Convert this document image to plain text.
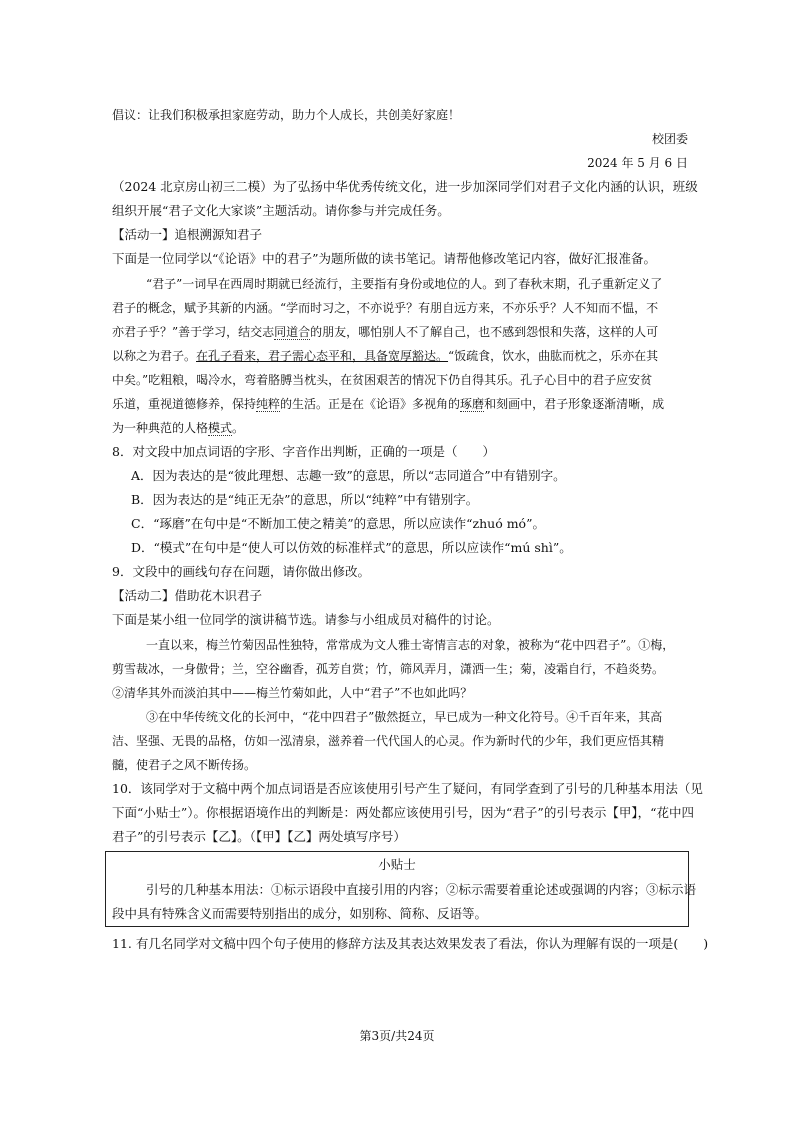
倡议：让我们积极承担家庭劳动，助力个人成长，共创美好家庭！
校团委
2024 年 5 月 6 日
（2024 北京房山初三二模）为了弘扬中华优秀传统文化，进一步加深同学们对君子文化内涵的认识，班级
组织开展“君子文化大家谈”主题活动。请你参与并完成任务。
【活动一】追根溯源知君子
下面是一位同学以“《论语》中的君子”为题所做的读书笔记。请帮他修改笔记内容，做好汇报准备。
“君子”一词早在西周时期就已经流行，主要指有身份或地位的人。到了春秋末期，孔子重新定义了
君子的概念，赋予其新的内涵。“学而时习之，不亦说乎？有朋自远方来，不亦乐乎？人不知而不愠，不
亦君子乎？”善于学习，结交志同道合的朋友，哪怕别人不了解自己，也不感到怨恨和失落，这样的人可
以称之为君子。在孔子看来，君子需心态平和，具备宽厚豁达。“饭疏食，饮水，曲肱而枕之，乐亦在其
中矣。”吃粗粮，喝冷水，弯着胳膊当枕头，在贫困艰苦的情况下仍自得其乐。孔子心目中的君子应安贫
乐道，重视道德修养，保持纯粹的生活。正是在《论语》多视角的琢磨和刻画中，君子形象逐渐清晰，成
为一种典范的人格模式。
8．对文段中加点词语的字形、字音作出判断，正确的一项是（　　）
A．因为表达的是“彼此理想、志趣一致”的意思，所以“志同道合”中有错别字。
B．因为表达的是“纯正无杂”的意思，所以“纯粹”中有错别字。
C．“琢磨”在句中是“不断加工使之精美”的意思，所以应读作“zhuó mó”。
D．“模式”在句中是“使人可以仿效的标准样式”的意思，所以应读作“mú shì”。
9．文段中的画线句存在问题，请你做出修改。
【活动二】借助花木识君子
下面是某小组一位同学的演讲稿节选。请参与小组成员对稿件的讨论。
一直以来，梅兰竹菊因品性独特，常常成为文人雅士寄情言志的对象，被称为“花中四君子”。①梅，
剪雪裁冰，一身傲骨；兰，空谷幽香，孤芳自赏；竹，筛风弄月，潇洒一生；菊，凌霜自行，不趋炎势。
②清华其外而淡泊其中——梅兰竹菊如此，人中“君子”不也如此吗？
③在中华传统文化的长河中，“花中四君子”傲然挺立，早已成为一种文化符号。④千百年来，其高
洁、坚强、无畏的品格，仿如一泓清泉，滋养着一代代国人的心灵。作为新时代的少年，我们更应悟其精
髓，使君子之风不断传扬。
10．该同学对于文稿中两个加点词语是否应该使用引号产生了疑问，有同学查到了引号的几种基本用法（见
下面“小贴士”）。你根据语境作出的判断是：两处都应该使用引号，因为“君子”的引号表示【甲】，“花中四
君子”的引号表示【乙】。（【甲】【乙】两处填写序号）
小贴士
引号的几种基本用法：①标示语段中直接引用的内容；②标示需要着重论述或强调的内容；③标示语
段中具有特殊含义而需要特别指出的成分，如别称、简称、反语等。
11. 有几名同学对文稿中四个句子使用的修辞方法及其表达效果发表了看法，你认为理解有误的一项是(　　)
第3页/共24页
